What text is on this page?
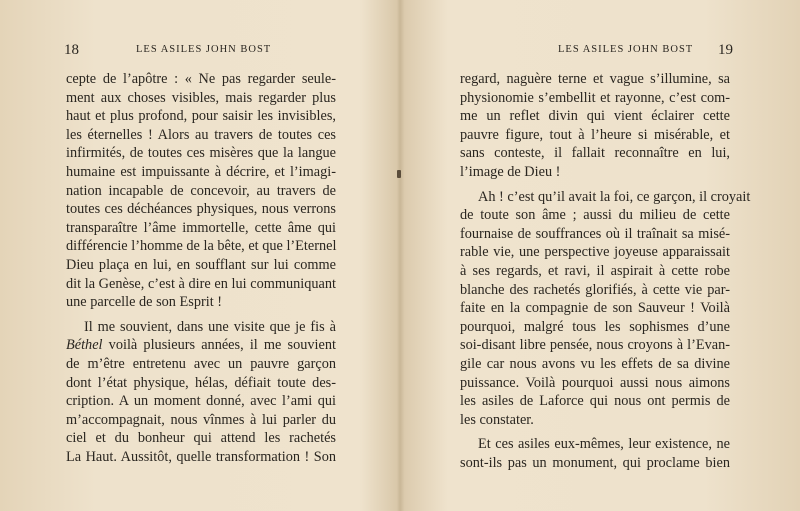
18	LES ASILES JOHN BOST
cepte de l’apôtre : « Ne pas regarder seule-
ment aux choses visibles, mais regarder plus
haut et plus profond, pour saisir les invisibles,
les éternelles ! Alors au travers de toutes ces
infirmités, de toutes ces misères que la langue
humaine est impuissante à décrire, et l’imagi-
nation incapable de concevoir, au travers de
toutes ces déchéances physiques, nous verrons
transparaître l’âme immortelle, cette âme qui
différencie l’homme de la bête, et que l’Eternel
Dieu plaça en lui, en soufflant sur lui comme
dit la Genèse, c’est à dire en lui communiquant
une parcelle de son Esprit !
Il me souvient, dans une visite que je fis à
Béthel voilà plusieurs années, il me souvient
de m’être entretenu avec un pauvre garçon
dont l’état physique, hélas, défiait toute des-
cription. A un moment donné, avec l’ami qui
m’accompagnait, nous vînmes à lui parler du
ciel et du bonheur qui attend les rachetés
La Haut. Aussitôt, quelle transformation ! Son
LES ASILES JOHN BOST 19
regard, naguère terne et vague s’illumine, sa
physionomie s’embellit et rayonne, c’est com-
me un reflet divin qui vient éclairer cette
pauvre figure, tout à l’heure si misérable, et
sans conteste, il fallait reconnaître en lui,
l’image de Dieu !
Ah ! c’est qu’il avait la foi, ce garçon, il croyait
de toute son âme ; aussi du milieu de cette
fournaise de souffrances où il traînait sa misé-
rable vie, une perspective joyeuse apparaissait
à ses regards, et ravi, il aspirait à cette robe
blanche des rachetés glorifiés, à cette vie par-
faite en la compagnie de son Sauveur ! Voilà
pourquoi, malgré tous les sophismes d’une
soi-disant libre pensée, nous croyons à l’Evan-
gile car nous avons vu les effets de sa divine
puissance. Voilà pourquoi aussi nous aimons
les asiles de Laforce qui nous ont permis de
les constater.
Et ces asiles eux-mêmes, leur existence, ne
sont-ils pas un monument, qui proclame bien
